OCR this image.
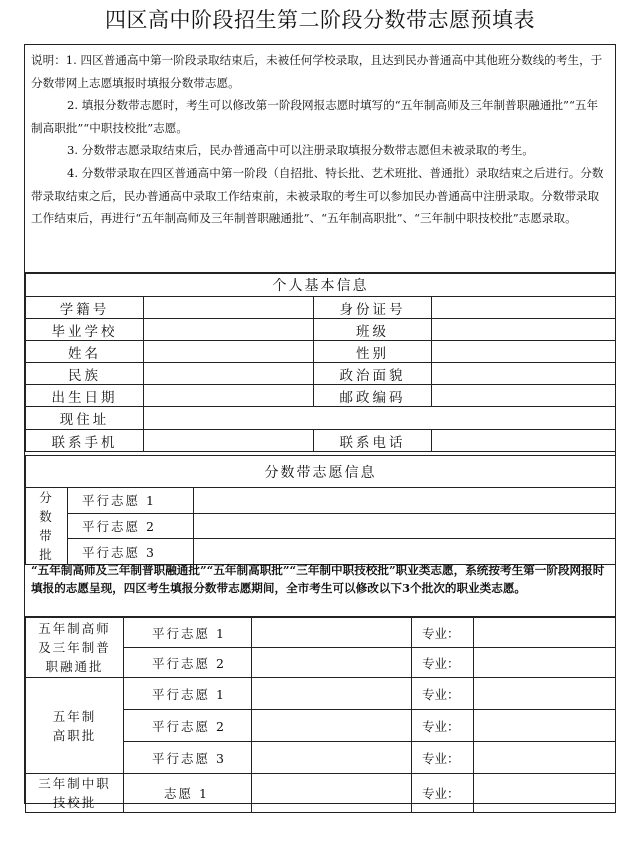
四区高中阶段招生第二阶段分数带志愿预填表

说明：1. 四区普通高中第一阶段录取结束后，未被任何学校录取，且达到民办普通高中其他班分数线的考生，于分数带网上志愿填报时填报分数带志愿。

2. 填报分数带志愿时，考生可以修改第一阶段网报志愿时填写的“五年制高师及三年制普职融通批”“五年制高职批”“中职技校批”志愿。

3. 分数带志愿录取结束后，民办普通高中可以注册录取填报分数带志愿但未被录取的考生。

4. 分数带录取在四区普通高中第一阶段（自招批、特长批、艺术班批、普通批）录取结束之后进行。分数带录取结束之后，民办普通高中录取工作结束前，未被录取的考生可以参加民办普通高中注册录取。分数带录取工作结束后，再进行“五年制高师及三年制普职融通批”、“五年制高职批”、“三年制中职技校批”志愿录取。

个人基本信息			
学籍号		身份证号	
毕业学校		班级	
姓名		性别	
民族		政治面貌	
出生日期		邮政编码	
现住址			
联系手机		联系电话	
分数带志愿信息		
分数带批	平行志愿 1	
	平行志愿 2	
	平行志愿 3	
“五年制高师及三年制普职融通批”“五年制高职批”“三年制中职技校批”职业类志愿，系统按考生第一阶段网报时填报的志愿呈现，四区考生填报分数带志愿期间，全市考生可以修改以下3个批次的职业类志愿。
五年制高师及三年制普职融通批	平行志愿 1		专业：	
	平行志愿 2		专业：	
五年制高职批	平行志愿 1		专业：	
	平行志愿 2		专业：	
	平行志愿 3		专业：	
三年制中职技校批	志愿 1		专业：	
